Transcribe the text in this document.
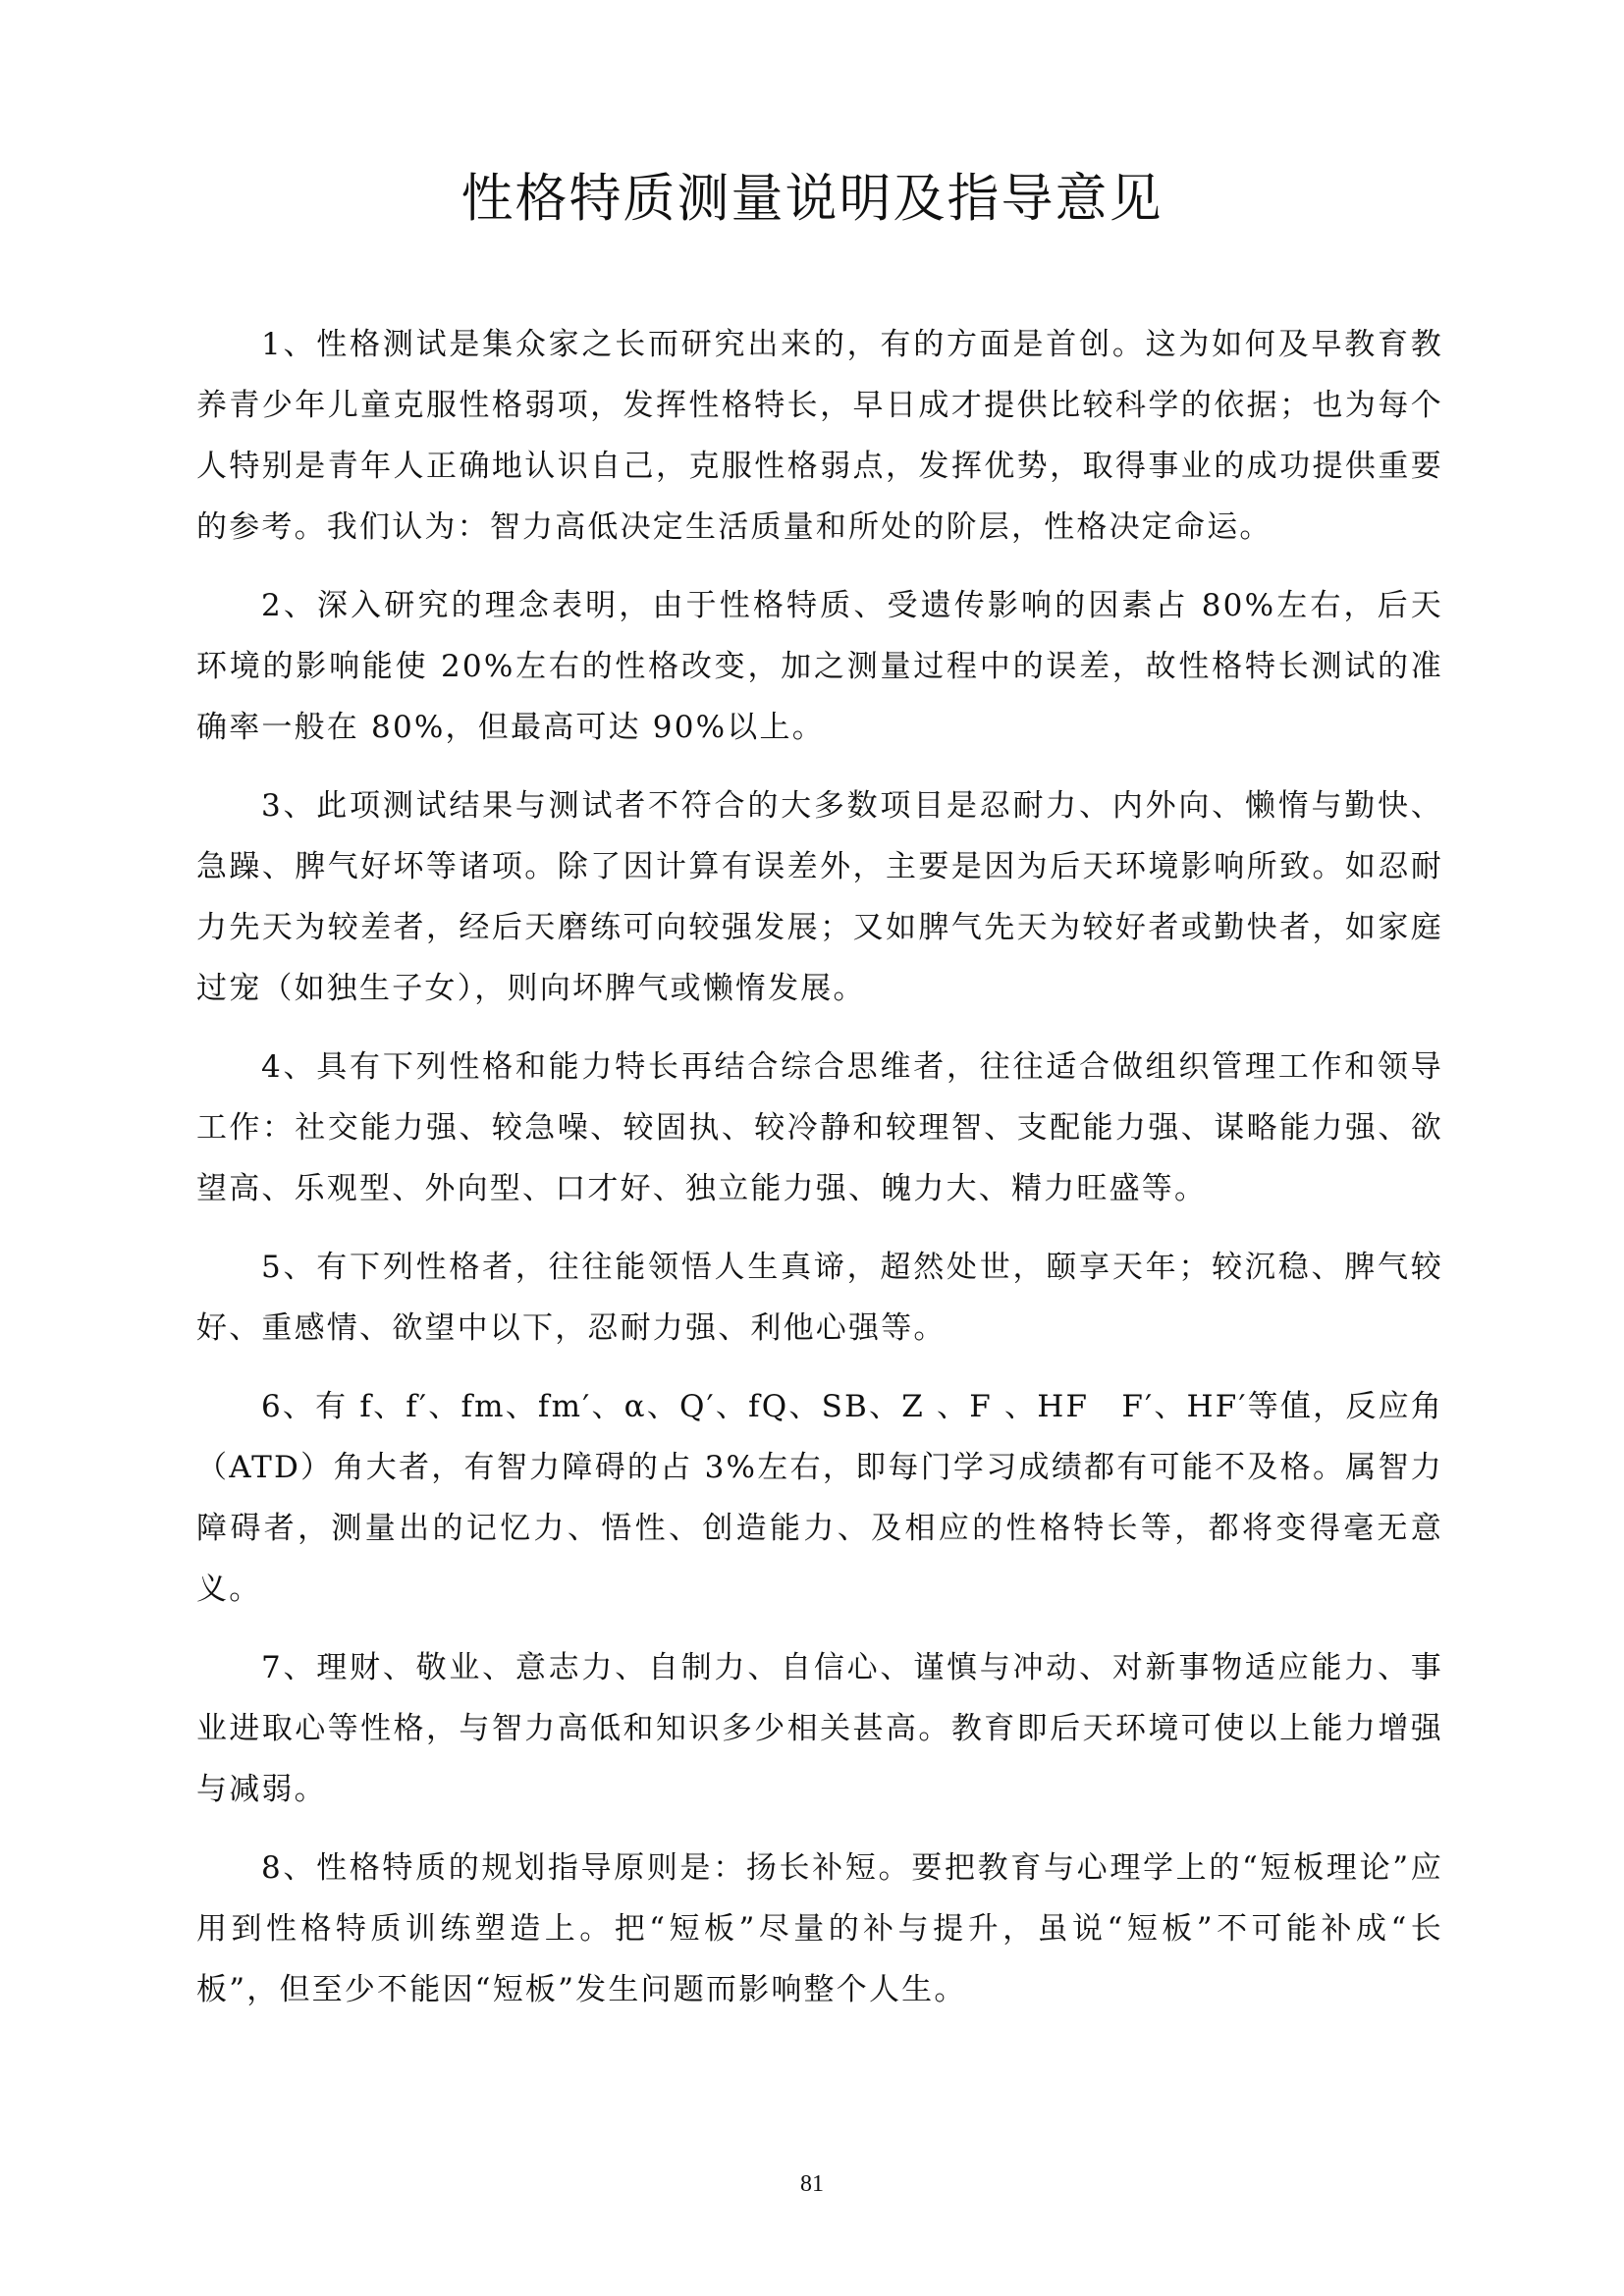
性格特质测量说明及指导意见

1、性格测试是集众家之长而研究出来的，有的方面是首创。这为如何及早教育教养青少年儿童克服性格弱项，发挥性格特长，早日成才提供比较科学的依据；也为每个人特别是青年人正确地认识自己，克服性格弱点，发挥优势，取得事业的成功提供重要的参考。我们认为：智力高低决定生活质量和所处的阶层，性格决定命运。

2、深入研究的理念表明，由于性格特质、受遗传影响的因素占 80%左右，后天环境的影响能使 20%左右的性格改变，加之测量过程中的误差，故性格特长测试的准确率一般在 80%，但最高可达 90%以上。

3、此项测试结果与测试者不符合的大多数项目是忍耐力、内外向、懒惰与勤快、急躁、脾气好坏等诸项。除了因计算有误差外，主要是因为后天环境影响所致。如忍耐力先天为较差者，经后天磨练可向较强发展；又如脾气先天为较好者或勤快者，如家庭过宠（如独生子女），则向坏脾气或懒惰发展。

4、具有下列性格和能力特长再结合综合思维者，往往适合做组织管理工作和领导工作：社交能力强、较急噪、较固执、较冷静和较理智、支配能力强、谋略能力强、欲望高、乐观型、外向型、口才好、独立能力强、魄力大、精力旺盛等。

5、有下列性格者，往往能领悟人生真谛，超然处世，颐享天年；较沉稳、脾气较好、重感情、欲望中以下，忍耐力强、利他心强等。

6、有 f、f′、fm、fm′、α、Q′、fQ、SB、Z 、F 、HF　F′、HF′等值，反应角（ATD）角大者，有智力障碍的占 3%左右，即每门学习成绩都有可能不及格。属智力障碍者，测量出的记忆力、悟性、创造能力、及相应的性格特长等，都将变得毫无意义。

7、理财、敬业、意志力、自制力、自信心、谨慎与冲动、对新事物适应能力、事业进取心等性格，与智力高低和知识多少相关甚高。教育即后天环境可使以上能力增强与减弱。

8、性格特质的规划指导原则是：扬长补短。要把教育与心理学上的“短板理论”应用到性格特质训练塑造上。把“短板”尽量的补与提升，虽说“短板”不可能补成“长板”，但至少不能因“短板”发生问题而影响整个人生。

81
